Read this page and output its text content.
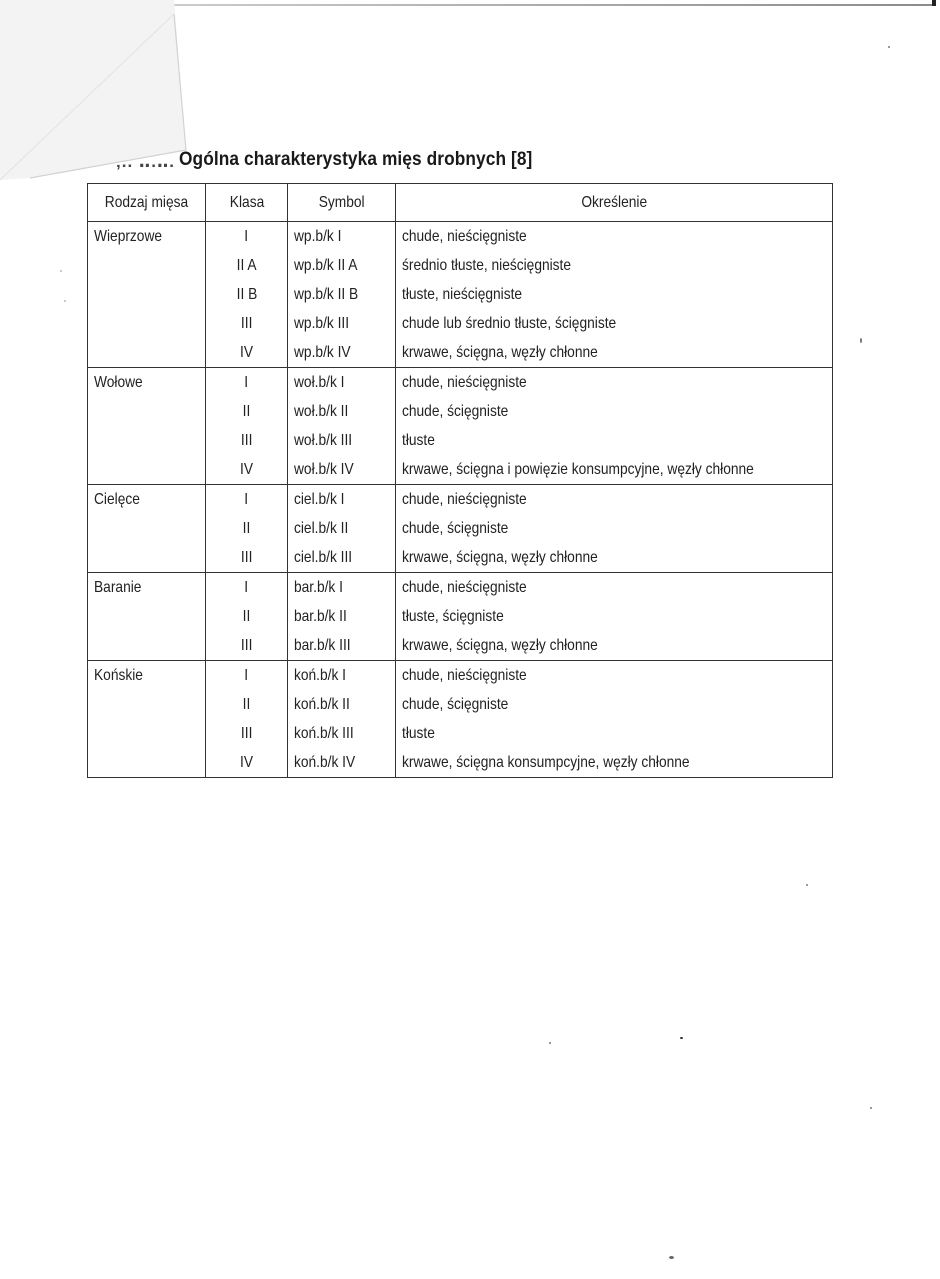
‚.. ‥.‥. Ogólna charakterystyka mięs drobnych [8]
Rodzaj mięsa	Klasa	Symbol	Określenie
Wieprzowe	I	wp.b/k I	chude, nieścięgniste
	II A	wp.b/k II A	średnio tłuste, nieścięgniste
	II B	wp.b/k II B	tłuste, nieścięgniste
	III	wp.b/k III	chude lub średnio tłuste, ścięgniste
	IV	wp.b/k IV	krwawe, ścięgna, węzły chłonne
Wołowe	I	woł.b/k I	chude, nieścięgniste
	II	woł.b/k II	chude, ścięgniste
	III	woł.b/k III	tłuste
	IV	woł.b/k IV	krwawe, ścięgna i powięzie konsumpcyjne, węzły chłonne
Cielęce	I	ciel.b/k I	chude, nieścięgniste
	II	ciel.b/k II	chude, ścięgniste
	III	ciel.b/k III	krwawe, ścięgna, węzły chłonne
Baranie	I	bar.b/k I	chude, nieścięgniste
	II	bar.b/k II	tłuste, ścięgniste
	III	bar.b/k III	krwawe, ścięgna, węzły chłonne
Końskie	I	koń.b/k I	chude, nieścięgniste
	II	koń.b/k II	chude, ścięgniste
	III	koń.b/k III	tłuste
	IV	koń.b/k IV	krwawe, ścięgna konsumpcyjne, węzły chłonne
